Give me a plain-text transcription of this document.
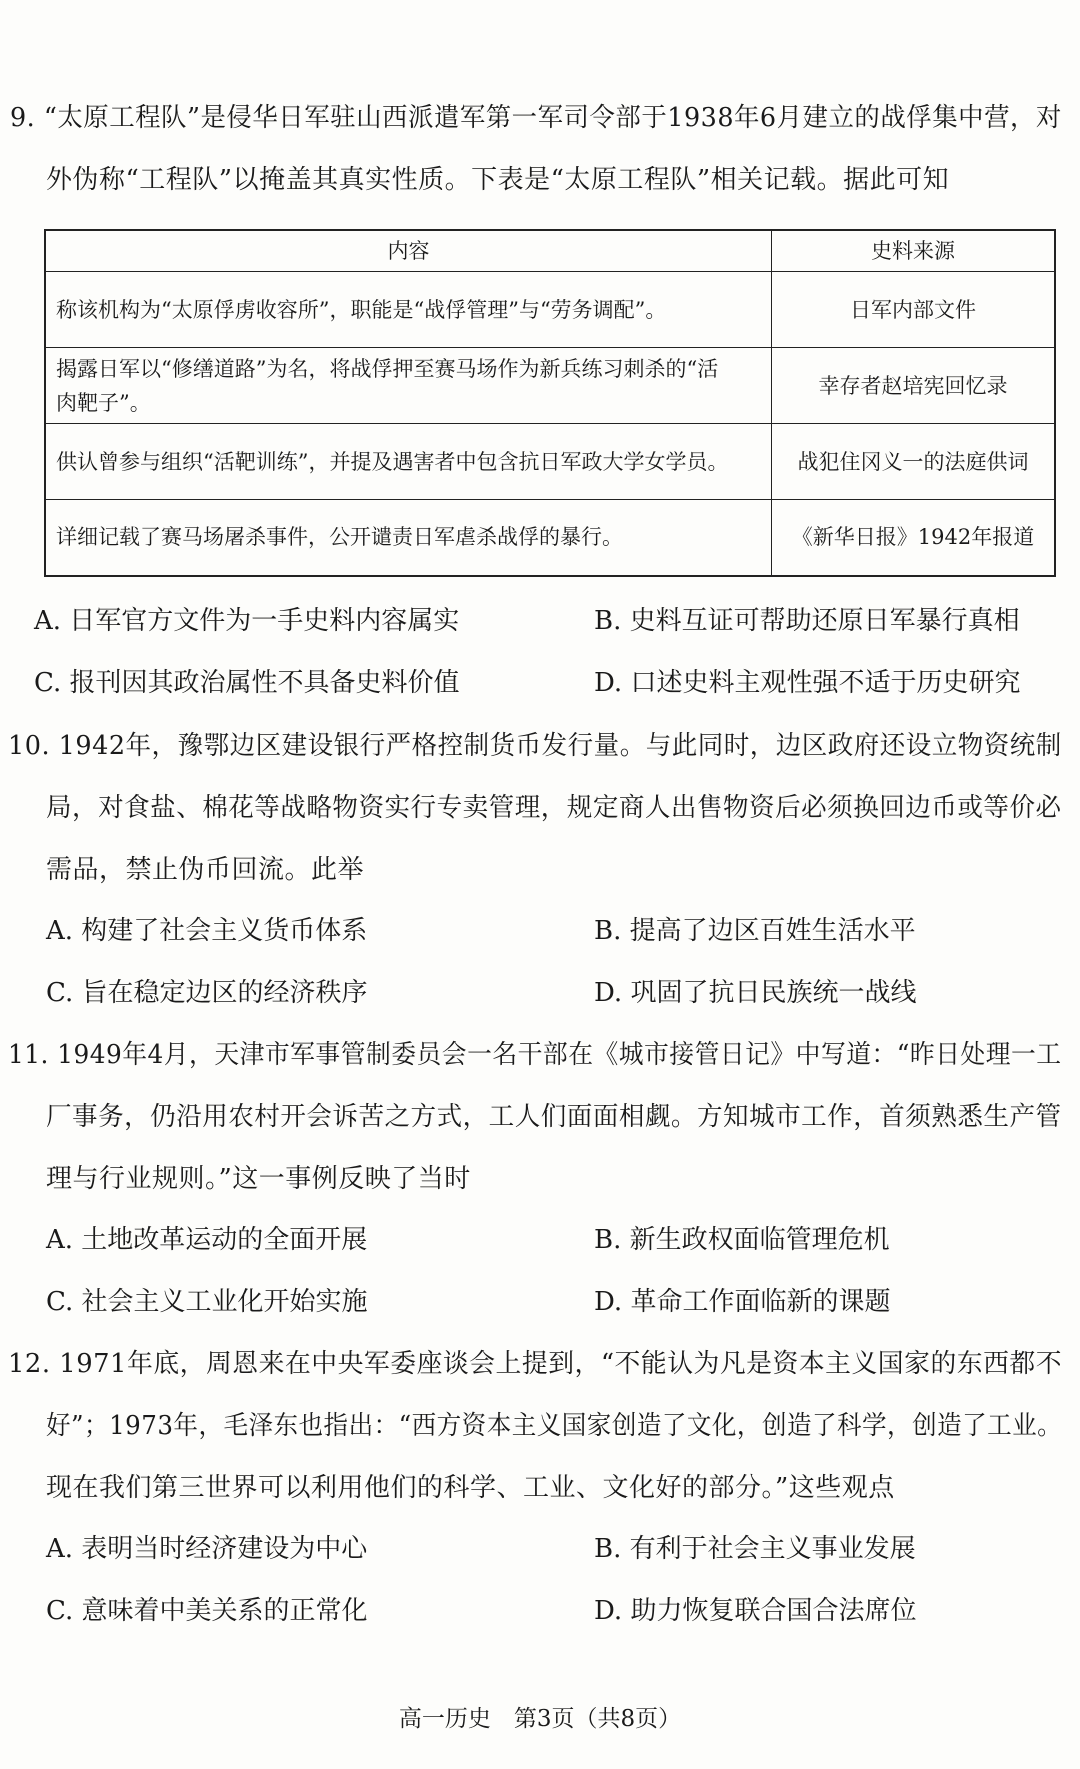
9. “太原工程队”是侵华日军驻山西派遣军第一军司令部于1938年6月建立的战俘集中营，对
外伪称“工程队”以掩盖其真实性质。下表是“太原工程队”相关记载。据此可知
内容	史料来源
称该机构为“太原俘虏收容所”，职能是“战俘管理”与“劳务调配”。	日军内部文件
揭露日军以“修缮道路”为名，将战俘押至赛马场作为新兵练习刺杀的“活
肉靶子”。	幸存者赵培宪回忆录
供认曾参与组织“活靶训练”，并提及遇害者中包含抗日军政大学女学员。	战犯住冈义一的法庭供词
详细记载了赛马场屠杀事件，公开谴责日军虐杀战俘的暴行。	《新华日报》1942年报道
A. 日军官方文件为一手史料内容属实	B. 史料互证可帮助还原日军暴行真相
C. 报刊因其政治属性不具备史料价值	D. 口述史料主观性强不适于历史研究
10. 1942年，豫鄂边区建设银行严格控制货币发行量。与此同时，边区政府还设立物资统制
局，对食盐、棉花等战略物资实行专卖管理，规定商人出售物资后必须换回边币或等价必
需品，禁止伪币回流。此举
A. 构建了社会主义货币体系	B. 提高了边区百姓生活水平
C. 旨在稳定边区的经济秩序	D. 巩固了抗日民族统一战线
11. 1949年4月，天津市军事管制委员会一名干部在《城市接管日记》中写道：“昨日处理一工
厂事务，仍沿用农村开会诉苦之方式，工人们面面相觑。方知城市工作，首须熟悉生产管
理与行业规则。”这一事例反映了当时
A. 土地改革运动的全面开展	B. 新生政权面临管理危机
C. 社会主义工业化开始实施	D. 革命工作面临新的课题
12. 1971年底，周恩来在中央军委座谈会上提到，“不能认为凡是资本主义国家的东西都不
好”；1973年，毛泽东也指出：“西方资本主义国家创造了文化，创造了科学，创造了工业。
现在我们第三世界可以利用他们的科学、工业、文化好的部分。”这些观点
A. 表明当时经济建设为中心	B. 有利于社会主义事业发展
C. 意味着中美关系的正常化	D. 助力恢复联合国合法席位
高一历史　第3页（共8页）
